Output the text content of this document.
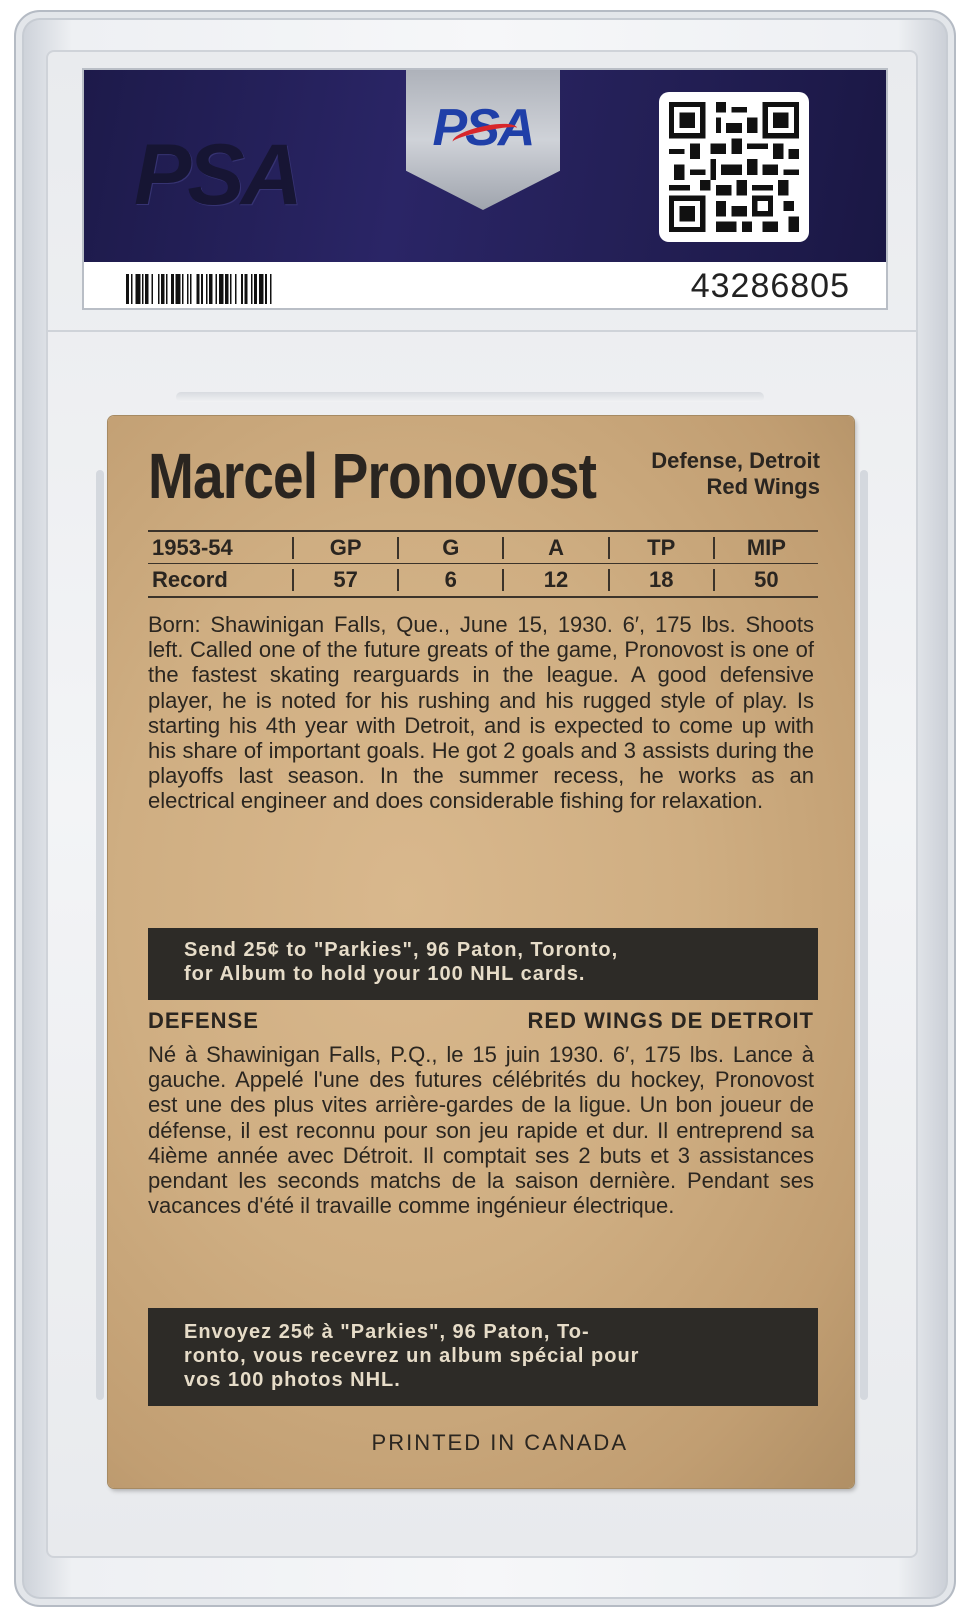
PSA	PSA
43286805
Marcel Pronovost	Defense, Detroit
Red Wings
1953-54	GP	G	A	TP	MIP
Record	57	6	12	18	50
Born: Shawinigan Falls, Que., June 15, 1930. 6′, 175 lbs. Shoots left. Called one of the future greats of the game, Pronovost is one of the fastest skating rearguards in the league. A good defensive player, he is noted for his rushing and his rugged style of play. Is starting his 4th year with Detroit, and is expected to come up with his share of important goals. He got 2 goals and 3 assists during the playoffs last season. In the summer recess, he works as an electrical engineer and does considerable fishing for relaxation.
Send 25¢ to "Parkies", 96 Paton, Toronto,
for Album to hold your 100 NHL cards.
DEFENSE	RED WINGS DE DETROIT
Né à Shawinigan Falls, P.Q., le 15 juin 1930. 6′, 175 lbs. Lance à gauche. Appelé l'une des futures célébrités du hockey, Pronovost est une des plus vites arrière-gardes de la ligue. Un bon joueur de défense, il est reconnu pour son jeu rapide et dur. Il entreprend sa 4ième année avec Détroit. Il comptait ses 2 buts et 3 assistances pendant les seconds matchs de la saison dernière. Pendant ses vacances d'été il travaille comme ingénieur électrique.
Envoyez 25¢ à "Parkies", 96 Paton, To-
ronto, vous recevrez un album spécial pour
vos 100 photos NHL.
PRINTED IN CANADA
